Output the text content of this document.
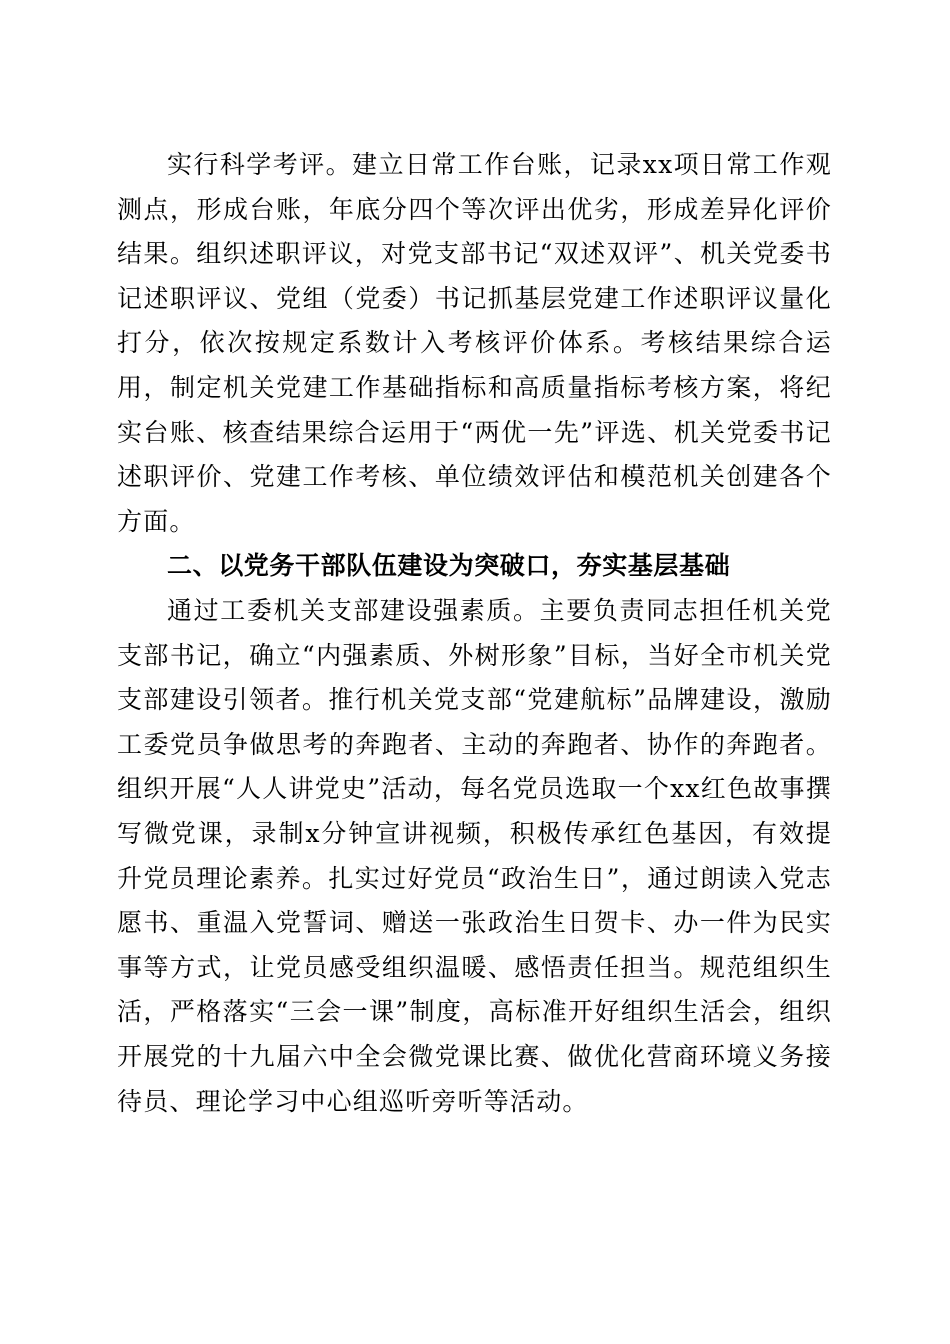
实行科学考评。建立日常工作台账，记录xx项日常工作观测点，形成台账，年底分四个等次评出优劣，形成差异化评价结果。组织述职评议，对党支部书记“双述双评”、机关党委书记述职评议、党组（党委）书记抓基层党建工作述职评议量化打分，依次按规定系数计入考核评价体系。考核结果综合运用，制定机关党建工作基础指标和高质量指标考核方案，将纪实台账、核查结果综合运用于“两优一先”评选、机关党委书记述职评价、党建工作考核、单位绩效评估和模范机关创建各个方面。

二、以党务干部队伍建设为突破口，夯实基层基础

通过工委机关支部建设强素质。主要负责同志担任机关党支部书记，确立“内强素质、外树形象”目标，当好全市机关党支部建设引领者。推行机关党支部“党建航标”品牌建设，激励工委党员争做思考的奔跑者、主动的奔跑者、协作的奔跑者。组织开展“人人讲党史”活动，每名党员选取一个xx红色故事撰写微党课，录制x分钟宣讲视频，积极传承红色基因，有效提升党员理论素养。扎实过好党员“政治生日”，通过朗读入党志愿书、重温入党誓词、赠送一张政治生日贺卡、办一件为民实事等方式，让党员感受组织温暖、感悟责任担当。规范组织生活，严格落实“三会一课”制度，高标准开好组织生活会，组织开展党的十九届六中全会微党课比赛、做优化营商环境义务接待员、理论学习中心组巡听旁听等活动。
